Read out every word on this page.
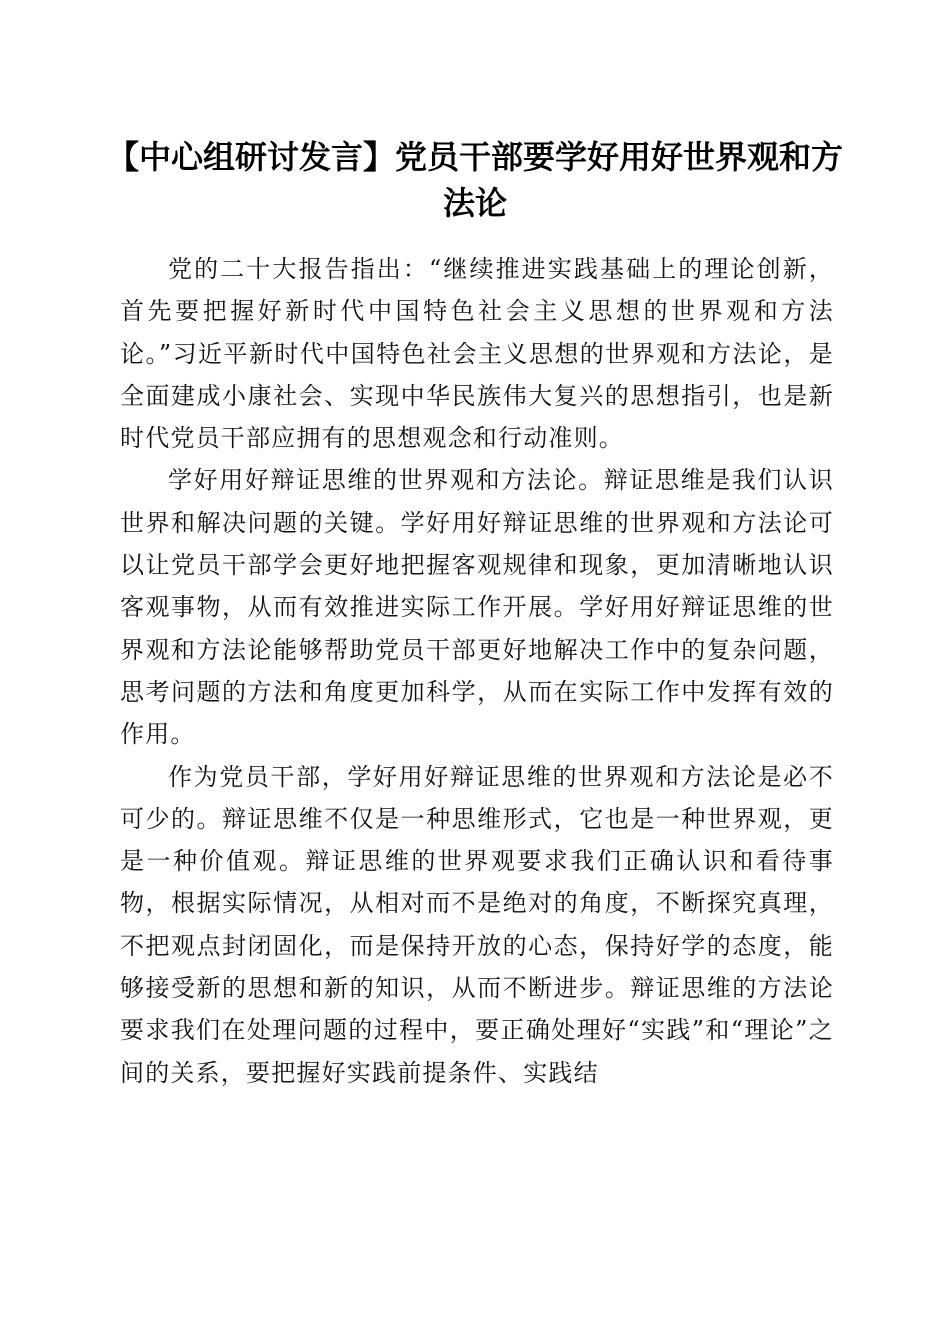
【中心组研讨发言】党员干部要学好用好世界观和方法论

党的二十大报告指出：“继续推进实践基础上的理论创新，首先要把握好新时代中国特色社会主义思想的世界观和方法论。”习近平新时代中国特色社会主义思想的世界观和方法论，是全面建成小康社会、实现中华民族伟大复兴的思想指引，也是新时代党员干部应拥有的思想观念和行动准则。

学好用好辩证思维的世界观和方法论。辩证思维是我们认识世界和解决问题的关键。学好用好辩证思维的世界观和方法论可以让党员干部学会更好地把握客观规律和现象，更加清晰地认识客观事物，从而有效推进实际工作开展。学好用好辩证思维的世界观和方法论能够帮助党员干部更好地解决工作中的复杂问题，思考问题的方法和角度更加科学，从而在实际工作中发挥有效的作用。

作为党员干部，学好用好辩证思维的世界观和方法论是必不可少的。辩证思维不仅是一种思维形式，它也是一种世界观，更是一种价值观。辩证思维的世界观要求我们正确认识和看待事物，根据实际情况，从相对而不是绝对的角度，不断探究真理，不把观点封闭固化，而是保持开放的心态，保持好学的态度，能够接受新的思想和新的知识，从而不断进步。辩证思维的方法论要求我们在处理问题的过程中，要正确处理好“实践”和“理论”之间的关系，要把握好实践前提条件、实践结
